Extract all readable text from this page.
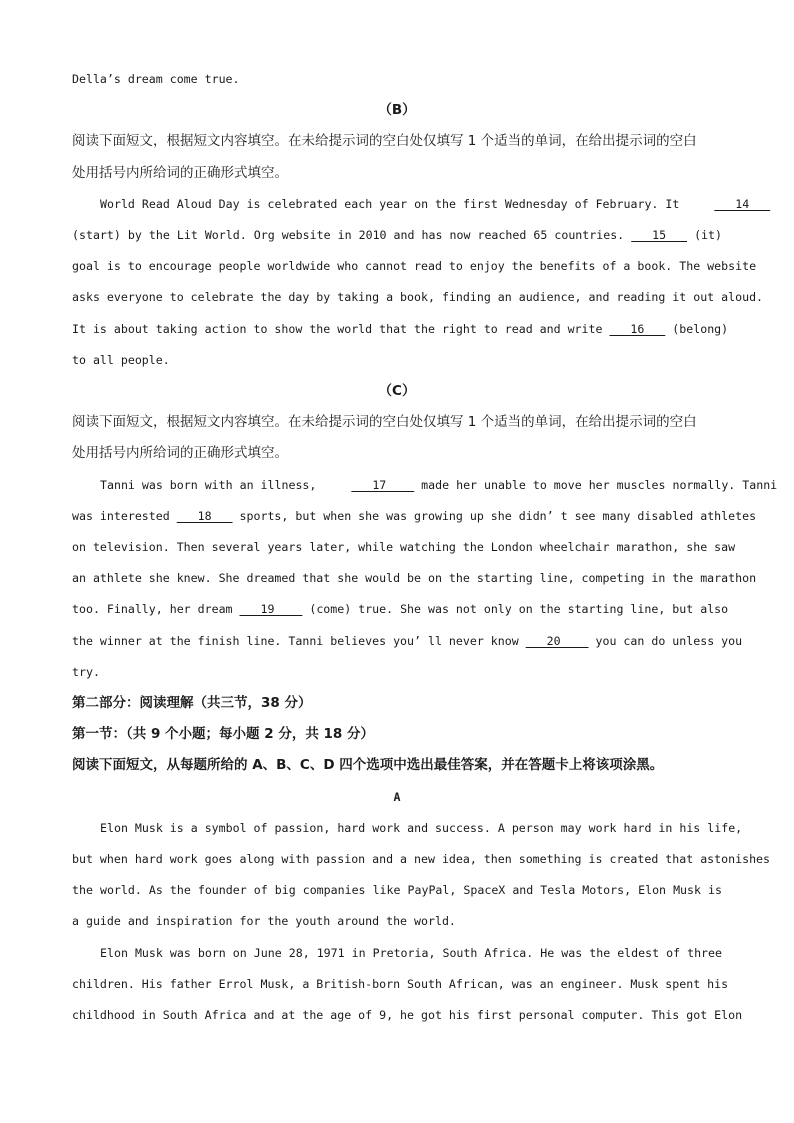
Della’s dream come true.
（B）
阅读下面短文，根据短文内容填空。在未给提示词的空白处仅填写 1 个适当的单词，在给出提示词的空白
处用括号内所给词的正确形式填空。
World Read Aloud Day is celebrated each year on the first Wednesday of February. It    14
(start) by the Lit World. Org website in 2010 and has now reached 65 countries.    15    (it)
goal is to encourage people worldwide who cannot read to enjoy the benefits of a book. The website
asks everyone to celebrate the day by taking a book, finding an audience, and reading it out aloud.
It is about taking action to show the world that the right to read and write    16    (belong)
to all people.
（C）
阅读下面短文，根据短文内容填空。在未给提示词的空白处仅填写 1 个适当的单词，在给出提示词的空白
处用括号内所给词的正确形式填空。
Tanni was born with an illness,    17     made her unable to move her muscles normally. Tanni
was interested    18    sports, but when she was growing up she didn’ t see many disabled athletes
on television. Then several years later, while watching the London wheelchair marathon, she saw
an athlete she knew. She dreamed that she would be on the starting line, competing in the marathon
too. Finally, her dream    19     (come) true. She was not only on the starting line, but also
the winner at the finish line. Tanni believes you’ ll never know    20     you can do unless you
try.
第二部分：阅读理解（共三节，38 分）
第一节：（共 9 个小题；每小题 2 分，共 18 分）
阅读下面短文，从每题所给的 A、B、C、D 四个选项中选出最佳答案，并在答题卡上将该项涂黑。
A
Elon Musk is a symbol of passion, hard work and success. A person may work hard in his life,
but when hard work goes along with passion and a new idea, then something is created that astonishes
the world. As the founder of big companies like PayPal, SpaceX and Tesla Motors, Elon Musk is
a guide and inspiration for the youth around the world.
Elon Musk was born on June 28, 1971 in Pretoria, South Africa. He was the eldest of three
children. His father Errol Musk, a British-born South African, was an engineer. Musk spent his
childhood in South Africa and at the age of 9, he got his first personal computer. This got Elon
